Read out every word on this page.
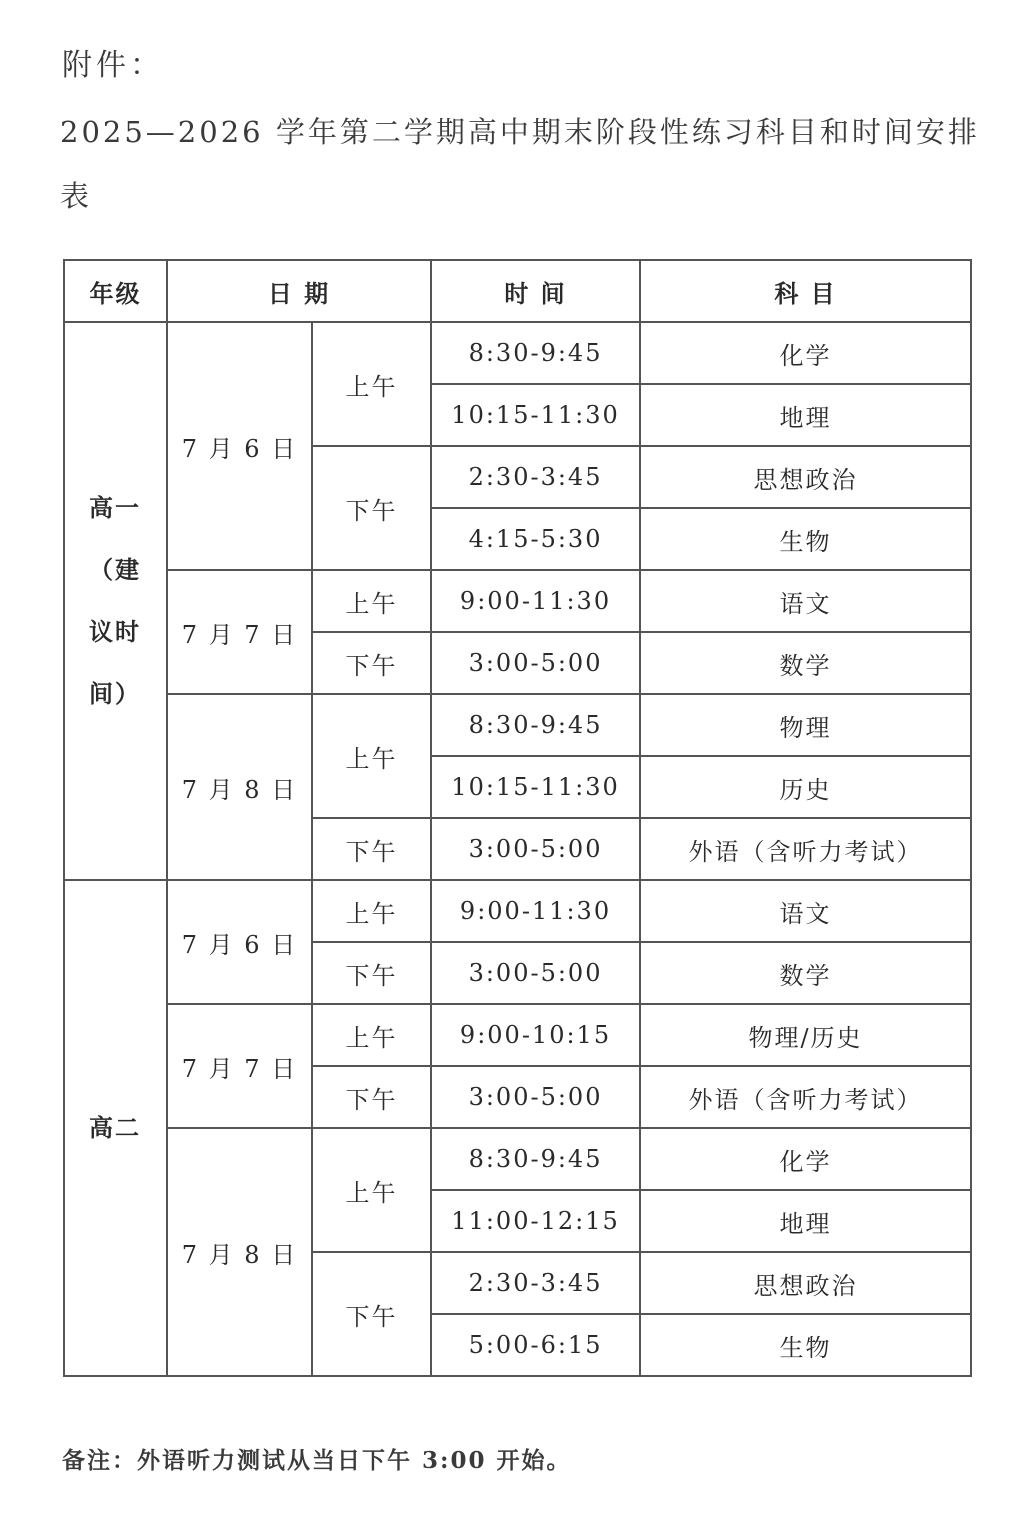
附件：
2025—2026 学年第二学期高中期末阶段性练习科目和时间安排表
年级	日 期		时 间	科 目

高一
（建
议时
间）	7 月 6 日	上午	8:30-9:45	化学
			10:15-11:30	地理
		下午	2:30-3:45	思想政治
			4:15-5:30	生物
	7 月 7 日	上午	9:00-11:30	语文
		下午	3:00-5:00	数学
	7 月 8 日	上午	8:30-9:45	物理
			10:15-11:30	历史
		下午	3:00-5:00	外语（含听力考试）
高二	7 月 6 日	上午	9:00-11:30	语文
		下午	3:00-5:00	数学
	7 月 7 日	上午	9:00-10:15	物理/历史
		下午	3:00-5:00	外语（含听力考试）
	7 月 8 日	上午	8:30-9:45	化学
			11:00-12:15	地理
		下午	2:30-3:45	思想政治
			5:00-6:15	生物
备注：外语听力测试从当日下午 3:00 开始。
